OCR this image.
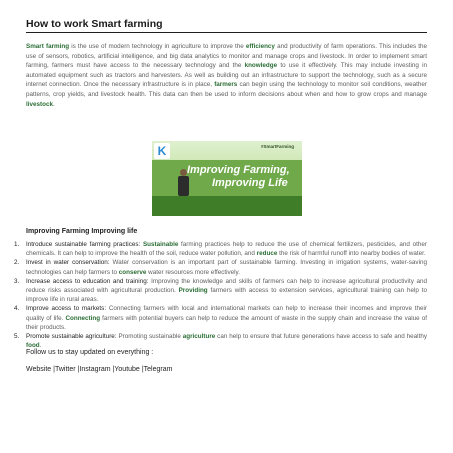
How to work Smart farming

Smart farming is the use of modern technology in agriculture to improve the efficiency and productivity of farm operations. This includes the use of sensors, robotics, artificial intelligence, and big data analytics to monitor and manage crops and livestock. In order to implement smart farming, farmers must have access to the necessary technology and the knowledge to use it effectively. This may include investing in automated equipment such as tractors and harvesters. As well as building out an infrastructure to support the technology, such as a secure internet connection. Once the necessary infrastructure is in place, farmers can begin using the technology to monitor soil conditions, weather patterns, crop yields, and livestock health. This data can then be used to inform decisions about when and how to grow crops and manage livestock.

K	#SmartFarming
Improving Farming,
Improving Life
Improving Farming Improving life
1. Introduce sustainable farming practices: Sustainable farming practices help to reduce the use of chemical fertilizers, pesticides, and other chemicals. It can help to improve the health of the soil, reduce water pollution, and reduce the risk of harmful runoff into nearby bodies of water.
2. Invest in water conservation: Water conservation is an important part of sustainable farming. Investing in irrigation systems, water-saving technologies can help farmers to conserve water resources more effectively.
3. Increase access to education and training: Improving the knowledge and skills of farmers can help to increase agricultural productivity and reduce risks associated with agricultural production. Providing farmers with access to extension services, agricultural training can help to improve life in rural areas.
4. Improve access to markets: Connecting farmers with local and international markets can help to increase their incomes and improve their quality of life. Connecting farmers with potential buyers can help to reduce the amount of waste in the supply chain and increase the value of their products.
5. Promote sustainable agriculture: Promoting sustainable agriculture can help to ensure that future generations have access to safe and healthy food.

Follow us to stay updated on everything :

Website |Twitter |Instagram |Youtube |Telegram
